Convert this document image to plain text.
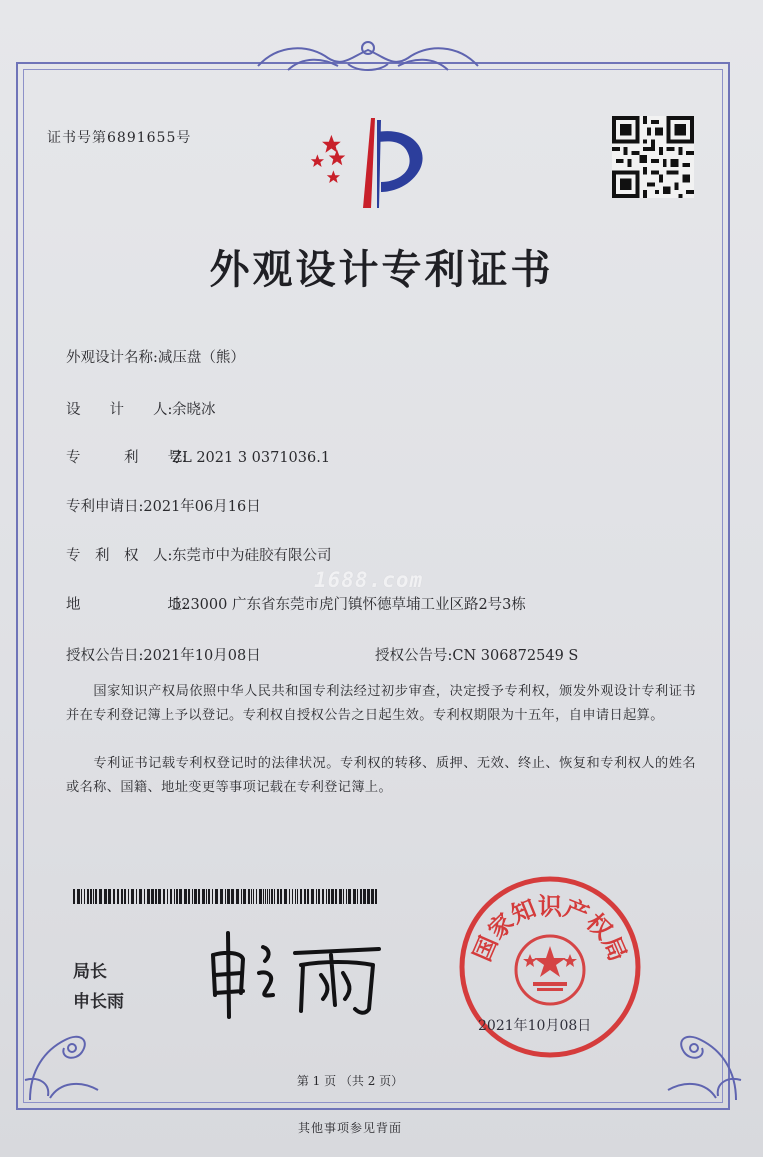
证书号第6891655号
外观设计专利证书
外观设计名称:减压盘（熊）
设　　计　　人:余晓冰
专　　　利　　号:ZL 2021 3 0371036.1
专利申请日:2021年06月16日
专　利　权　人:东莞市中为硅胶有限公司
1688.com
地　　　　　　址:523000 广东省东莞市虎门镇怀德草埔工业区路2号3栋
授权公告日:2021年10月08日	授权公告号:CN 306872549 S
　　国家知识产权局依照中华人民共和国专利法经过初步审查，决定授予专利权，颁发外观设计专利证书并在专利登记簿上予以登记。专利权自授权公告之日起生效。专利权期限为十五年，自申请日起算。
　　专利证书记载专利权登记时的法律状况。专利权的转移、质押、无效、终止、恢复和专利权人的姓名或名称、国籍、地址变更等事项记载在专利登记簿上。
局长
申长雨
国家知识产权局
2021年10月08日
第 1 页 （共 2 页）
其他事项参见背面
